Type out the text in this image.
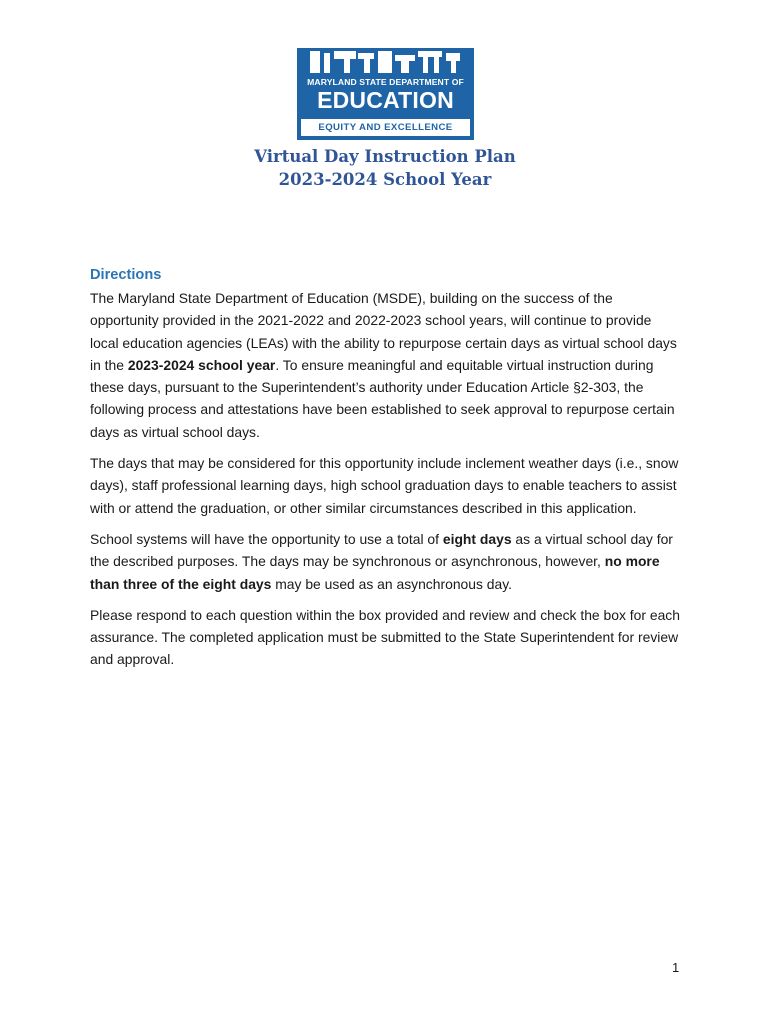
MARYLAND STATE DEPARTMENT OF
EDUCATION
EQUITY AND EXCELLENCE
Virtual Day Instruction Plan
2023-2024 School Year
Directions

The Maryland State Department of Education (MSDE), building on the success of the opportunity provided in the 2021-2022 and 2022-2023 school years, will continue to provide local education agencies (LEAs) with the ability to repurpose certain days as virtual school days in the 2023-2024 school year. To ensure meaningful and equitable virtual instruction during these days, pursuant to the Superintendent’s authority under Education Article §2-303, the following process and attestations have been established to seek approval to repurpose certain days as virtual school days.

The days that may be considered for this opportunity include inclement weather days (i.e., snow days), staff professional learning days, high school graduation days to enable teachers to assist with or attend the graduation, or other similar circumstances described in this application.

School systems will have the opportunity to use a total of eight days as a virtual school day for the described purposes. The days may be synchronous or asynchronous, however, no more than three of the eight days may be used as an asynchronous day.

Please respond to each question within the box provided and review and check the box for each assurance. The completed application must be submitted to the State Superintendent for review and approval.

1
